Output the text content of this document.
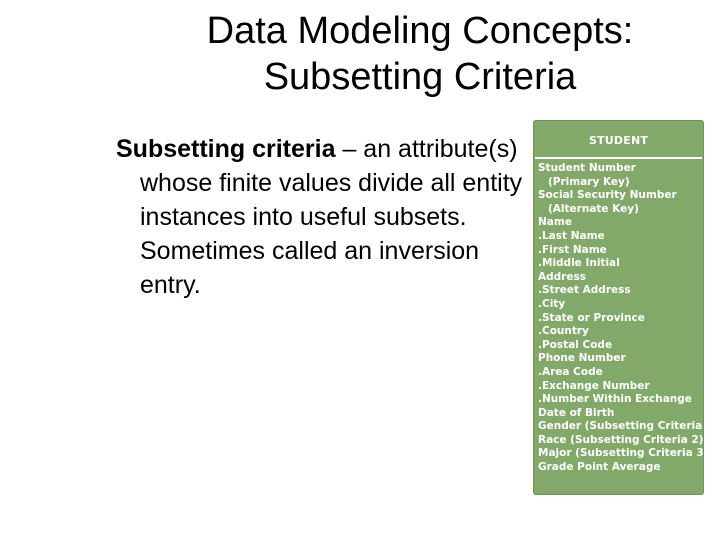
Data Modeling Concepts:
Subsetting Criteria
Subsetting criteria – an attribute(s) whose finite values divide all entity instances into useful subsets. Sometimes called an inversion entry.
STUDENT
Student Number
(Primary Key)
Social Security Number
(Alternate Key)
Name
.Last Name
.First Name
.Middle Initial
Address
.Street Address
.City
.State or Province
.Country
.Postal Code
Phone Number
.Area Code
.Exchange Number
.Number Within Exchange
Date of Birth
Gender (Subsetting Criteria 1)
Race (Subsetting Criteria 2)
Major (Subsetting Criteria 3)
Grade Point Average
